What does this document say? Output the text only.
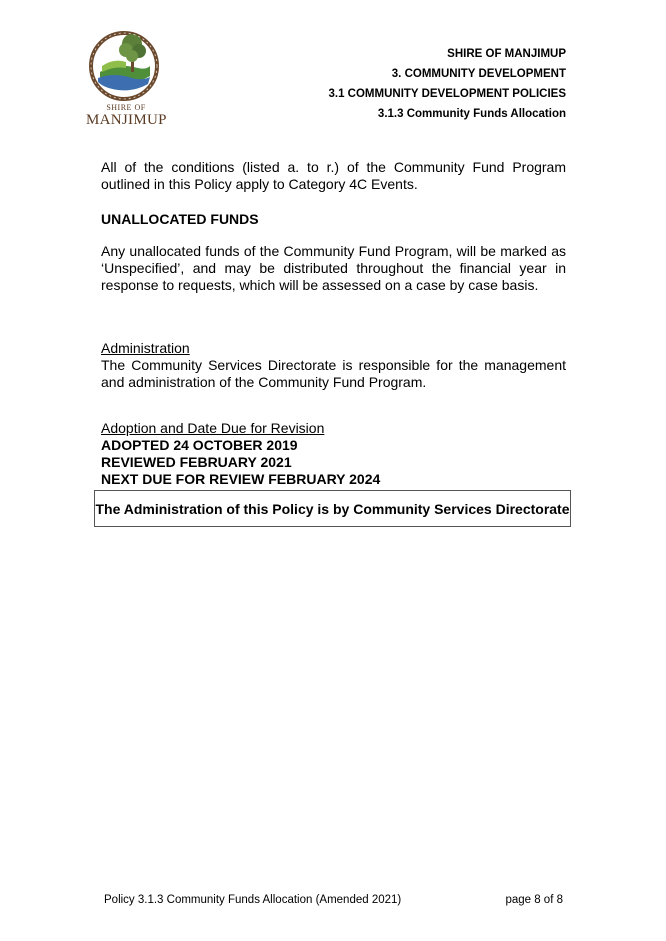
SHIRE OF
MANJIMUP
SHIRE OF MANJIMUP
3. COMMUNITY DEVELOPMENT
3.1 COMMUNITY DEVELOPMENT POLICIES
3.1.3 Community Funds Allocation

All of the conditions (listed a. to r.) of the Community Fund Program outlined in this Policy apply to Category 4C Events.

UNALLOCATED FUNDS

Any unallocated funds of the Community Fund Program, will be marked as ‘Unspecified’, and may be distributed throughout the financial year in response to requests, which will be assessed on a case by case basis.

Administration

The Community Services Directorate is responsible for the management and administration of the Community Fund Program.

Adoption and Date Due for Revision

ADOPTED 24 OCTOBER 2019

REVIEWED FEBRUARY 2021

NEXT DUE FOR REVIEW FEBRUARY 2024

The Administration of this Policy is by Community Services Directorate
Policy 3.1.3 Community Funds Allocation (Amended 2021)	page 8 of 8
